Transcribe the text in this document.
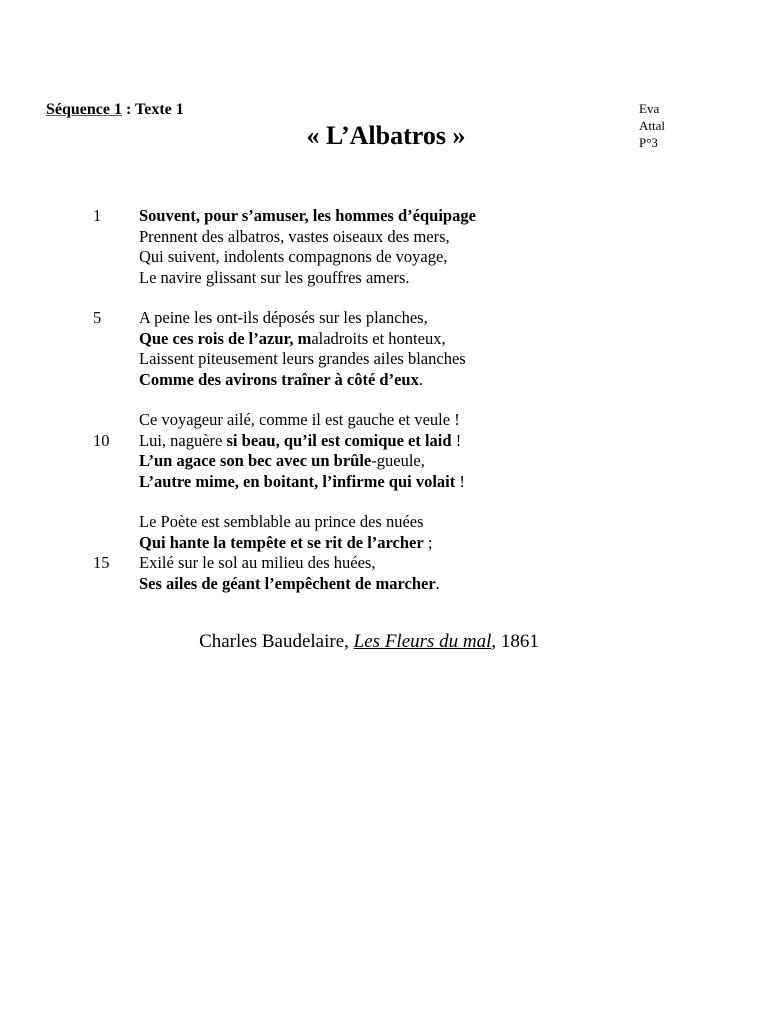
Séquence 1 : Texte 1
« L’Albatros »
Eva
Attal
P°3
1	Souvent, pour s’amuser, les hommes d’équipage
Prennent des albatros, vastes oiseaux des mers,
Qui suivent, indolents compagnons de voyage,
Le navire glissant sur les gouffres amers.
5	A peine les ont-ils déposés sur les planches,
Que ces rois de l’azur, maladroits et honteux,
Laissent piteusement leurs grandes ailes blanches
Comme des avirons traîner à côté d’eux.
Ce voyageur ailé, comme il est gauche et veule !
10	Lui, naguère si beau, qu’il est comique et laid !
L’un agace son bec avec un brûle-gueule,
L’autre mime, en boitant, l’infirme qui volait !
Le Poète est semblable au prince des nuées
Qui hante la tempête et se rit de l’archer ;
15	Exilé sur le sol au milieu des huées,
Ses ailes de géant l’empêchent de marcher.
Charles Baudelaire, Les Fleurs du mal, 1861
